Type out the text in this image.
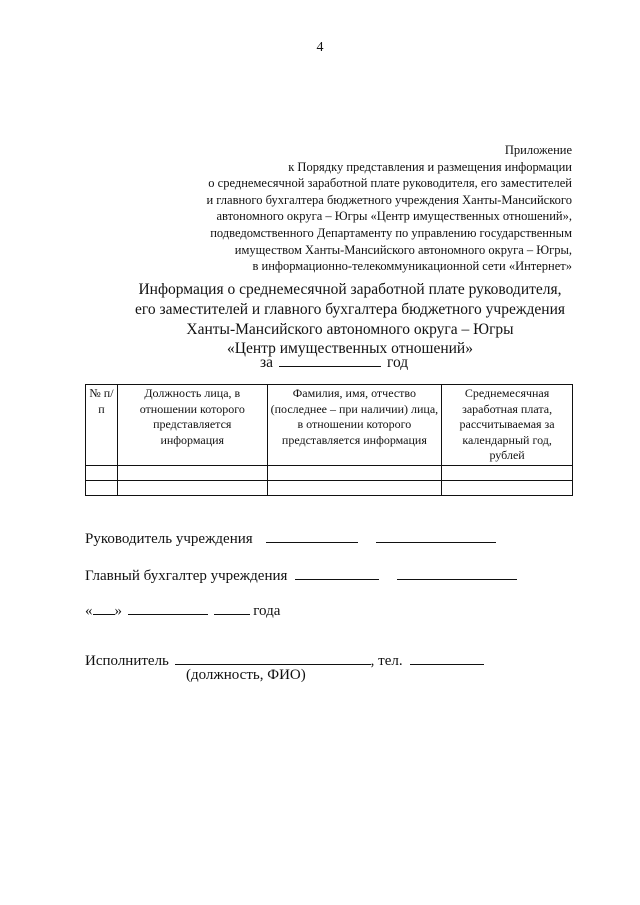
4
Приложение
к Порядку представления и размещения информации
о среднемесячной заработной плате руководителя, его заместителей
и главного бухгалтера бюджетного учреждения Ханты-Мансийского
автономного округа – Югры «Центр имущественных отношений»,
подведомственного Департаменту по управлению государственным
имуществом Ханты-Мансийского автономного округа – Югры,
в информационно-телекоммуникационной сети «Интернет»
Информация о среднемесячной заработной плате руководителя,
его заместителей и главного бухгалтера бюджетного учреждения
Ханты-Мансийского автономного округа – Югры
«Центр имущественных отношений»
за	год
№ п/п	Должность лица, в отношении которого представляется информация	Фамилия, имя, отчество (последнее – при наличии) лица, в отношении которого представляется информация	Среднемесячная заработная плата, рассчитываемая за календарный год, рублей

Руководитель учреждения
Главный бухгалтер учреждения
« »	года
Исполнитель	, тел.
(должность, ФИО)
